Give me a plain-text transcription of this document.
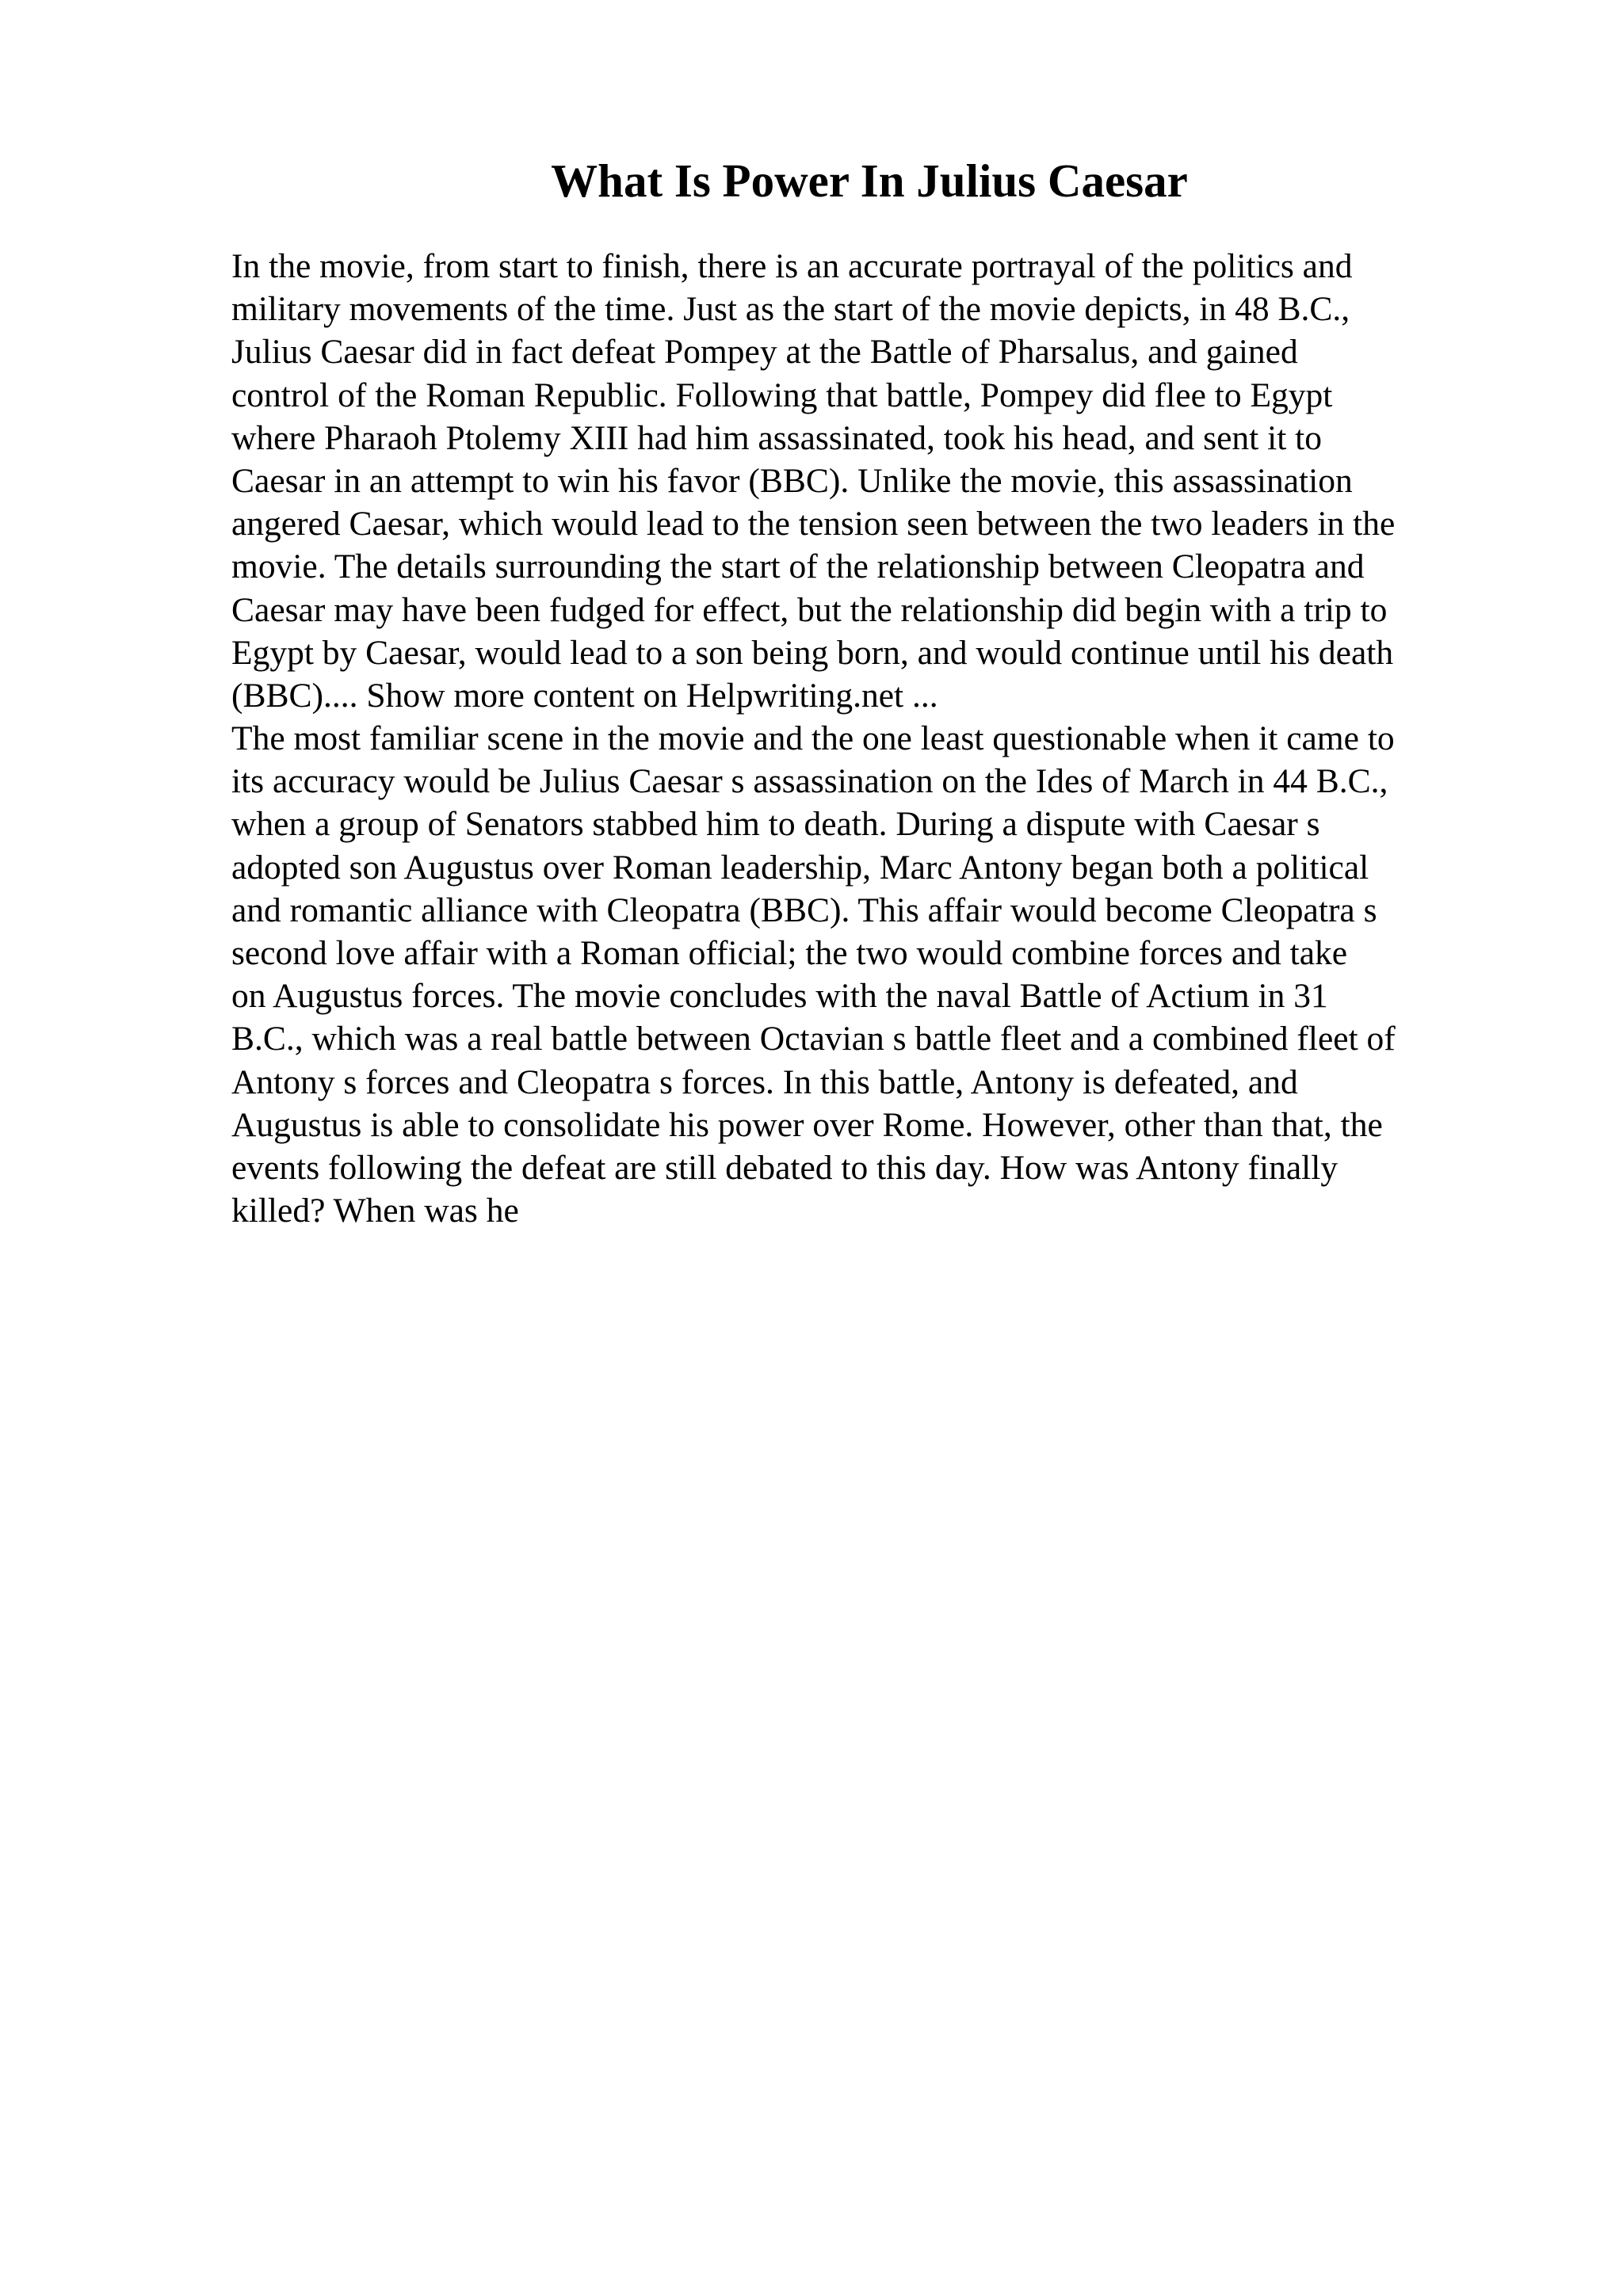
What Is Power In Julius Caesar
In the movie, from start to finish, there is an accurate portrayal of the politics and
military movements of the time. Just as the start of the movie depicts, in 48 B.C.,
Julius Caesar did in fact defeat Pompey at the Battle of Pharsalus, and gained
control of the Roman Republic. Following that battle, Pompey did flee to Egypt
where Pharaoh Ptolemy XIII had him assassinated, took his head, and sent it to
Caesar in an attempt to win his favor (BBC). Unlike the movie, this assassination
angered Caesar, which would lead to the tension seen between the two leaders in the
movie. The details surrounding the start of the relationship between Cleopatra and
Caesar may have been fudged for effect, but the relationship did begin with a trip to
Egypt by Caesar, would lead to a son being born, and would continue until his death
(BBC).... Show more content on Helpwriting.net ...
The most familiar scene in the movie and the one least questionable when it came to
its accuracy would be Julius Caesar s assassination on the Ides of March in 44 B.C.,
when a group of Senators stabbed him to death. During a dispute with Caesar s
adopted son Augustus over Roman leadership, Marc Antony began both a political
and romantic alliance with Cleopatra (BBC). This affair would become Cleopatra s
second love affair with a Roman official; the two would combine forces and take
on Augustus forces. The movie concludes with the naval Battle of Actium in 31
B.C., which was a real battle between Octavian s battle fleet and a combined fleet of
Antony s forces and Cleopatra s forces. In this battle, Antony is defeated, and
Augustus is able to consolidate his power over Rome. However, other than that, the
events following the defeat are still debated to this day. How was Antony finally
killed? When was he
